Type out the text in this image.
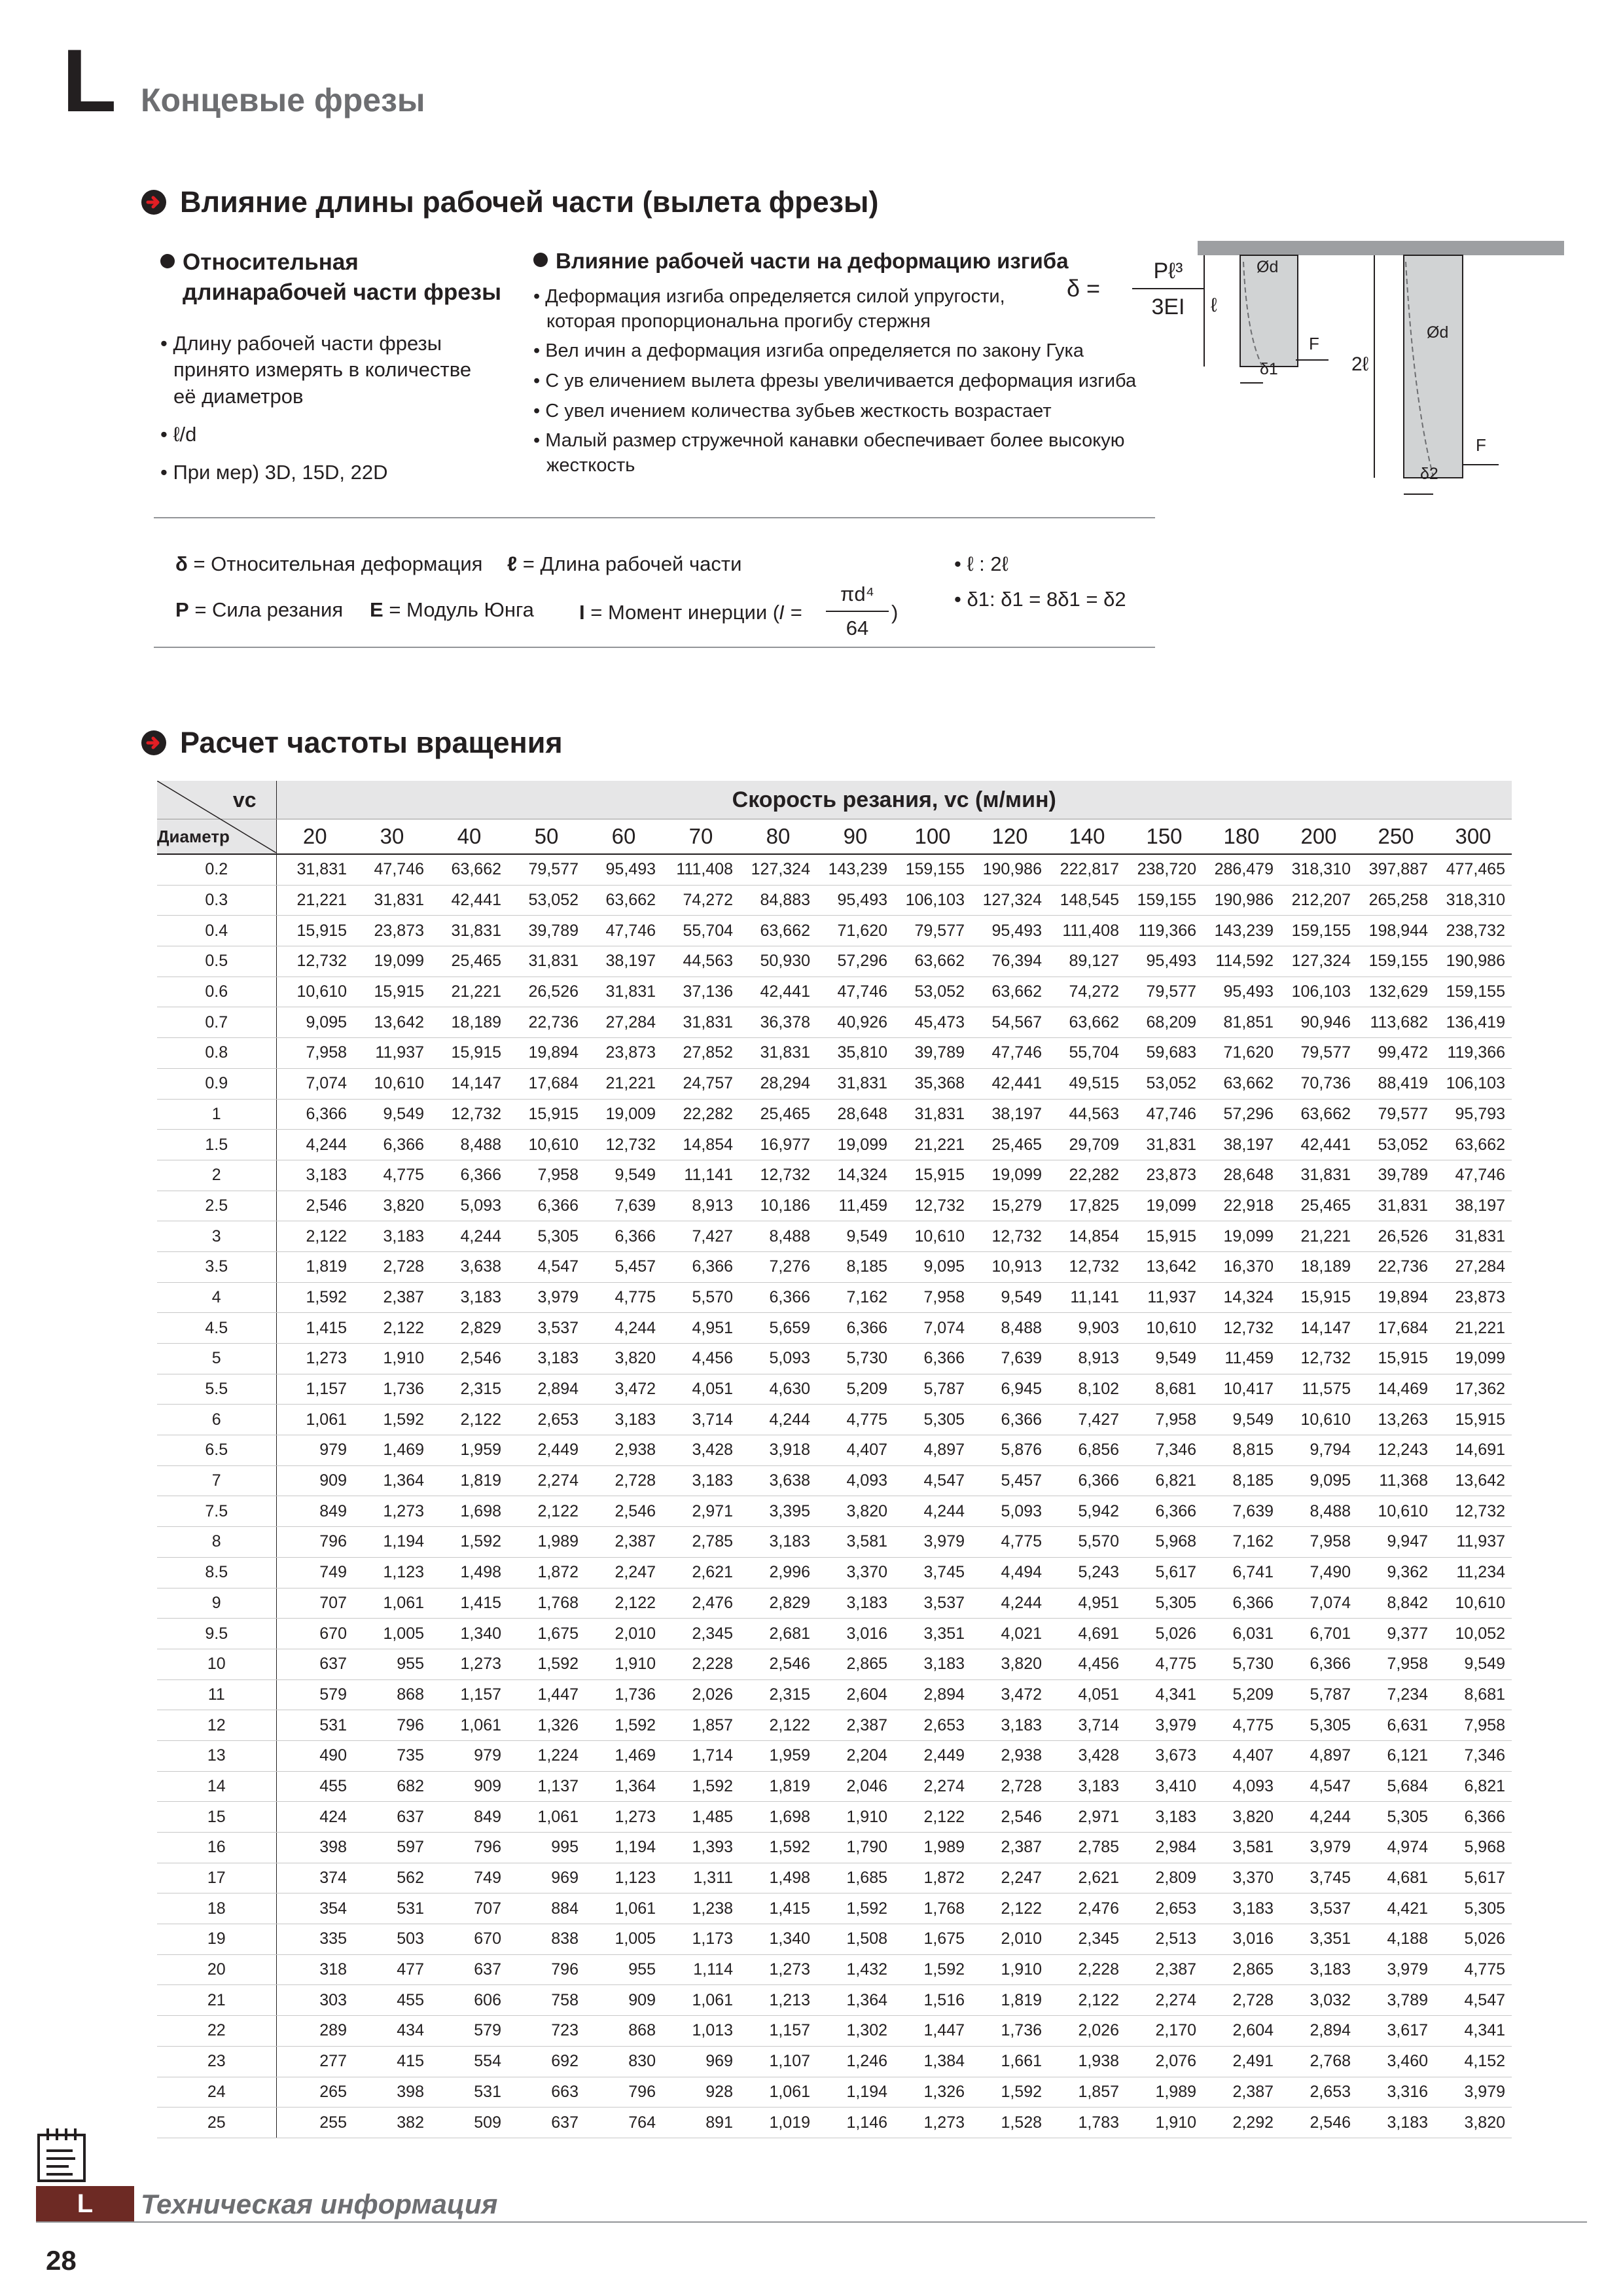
L Концевые фрезы
Влияние длины рабочей части (вылета фрезы)
Относительная
длинарабочей части фрезы
• Длину рабочей части фрезы
принято измерять в количестве
её диаметров
• ℓ/d
• При мер) 3D, 15D, 22D
Влияние рабочей части на деформацию изгиба
• Деформация изгиба определяется силой упругости,
которая пропорциональна прогибу стержня
• Вел ичин а деформация изгиба определяется по закону Гука
• С ув еличением вылета фрезы увеличивается деформация изгиба
• С увел ичением количества зубьев жесткость возрастает
• Малый размер стружечной канавки обеспечивает более высокую
жесткость
δ =
Pℓ³
3EI
Ød
ℓ
F
δ1
Ød
2ℓ
F
δ2
δ = Относительная деформация ℓ = Длина рабочей части
P = Сила резания E = Модуль Юнга I = Момент инерции (
I =
πd⁴
64
)
• ℓ : 2ℓ
• δ1: δ1 = 8δ1 = δ2
Расчет частоты вращения
vc	Скорость резания, vc (м/мин)															
Диаметр	20	30	40	50	60	70	80	90	100	120	140	150	180	200	250	300
0.2	31,831	47,746	63,662	79,577	95,493	111,408	127,324	143,239	159,155	190,986	222,817	238,720	286,479	318,310	397,887	477,465
0.3	21,221	31,831	42,441	53,052	63,662	74,272	84,883	95,493	106,103	127,324	148,545	159,155	190,986	212,207	265,258	318,310
0.4	15,915	23,873	31,831	39,789	47,746	55,704	63,662	71,620	79,577	95,493	111,408	119,366	143,239	159,155	198,944	238,732
0.5	12,732	19,099	25,465	31,831	38,197	44,563	50,930	57,296	63,662	76,394	89,127	95,493	114,592	127,324	159,155	190,986
0.6	10,610	15,915	21,221	26,526	31,831	37,136	42,441	47,746	53,052	63,662	74,272	79,577	95,493	106,103	132,629	159,155
0.7	9,095	13,642	18,189	22,736	27,284	31,831	36,378	40,926	45,473	54,567	63,662	68,209	81,851	90,946	113,682	136,419
0.8	7,958	11,937	15,915	19,894	23,873	27,852	31,831	35,810	39,789	47,746	55,704	59,683	71,620	79,577	99,472	119,366
0.9	7,074	10,610	14,147	17,684	21,221	24,757	28,294	31,831	35,368	42,441	49,515	53,052	63,662	70,736	88,419	106,103
1	6,366	9,549	12,732	15,915	19,009	22,282	25,465	28,648	31,831	38,197	44,563	47,746	57,296	63,662	79,577	95,793
1.5	4,244	6,366	8,488	10,610	12,732	14,854	16,977	19,099	21,221	25,465	29,709	31,831	38,197	42,441	53,052	63,662
2	3,183	4,775	6,366	7,958	9,549	11,141	12,732	14,324	15,915	19,099	22,282	23,873	28,648	31,831	39,789	47,746
2.5	2,546	3,820	5,093	6,366	7,639	8,913	10,186	11,459	12,732	15,279	17,825	19,099	22,918	25,465	31,831	38,197
3	2,122	3,183	4,244	5,305	6,366	7,427	8,488	9,549	10,610	12,732	14,854	15,915	19,099	21,221	26,526	31,831
3.5	1,819	2,728	3,638	4,547	5,457	6,366	7,276	8,185	9,095	10,913	12,732	13,642	16,370	18,189	22,736	27,284
4	1,592	2,387	3,183	3,979	4,775	5,570	6,366	7,162	7,958	9,549	11,141	11,937	14,324	15,915	19,894	23,873
4.5	1,415	2,122	2,829	3,537	4,244	4,951	5,659	6,366	7,074	8,488	9,903	10,610	12,732	14,147	17,684	21,221
5	1,273	1,910	2,546	3,183	3,820	4,456	5,093	5,730	6,366	7,639	8,913	9,549	11,459	12,732	15,915	19,099
5.5	1,157	1,736	2,315	2,894	3,472	4,051	4,630	5,209	5,787	6,945	8,102	8,681	10,417	11,575	14,469	17,362
6	1,061	1,592	2,122	2,653	3,183	3,714	4,244	4,775	5,305	6,366	7,427	7,958	9,549	10,610	13,263	15,915
6.5	979	1,469	1,959	2,449	2,938	3,428	3,918	4,407	4,897	5,876	6,856	7,346	8,815	9,794	12,243	14,691
7	909	1,364	1,819	2,274	2,728	3,183	3,638	4,093	4,547	5,457	6,366	6,821	8,185	9,095	11,368	13,642
7.5	849	1,273	1,698	2,122	2,546	2,971	3,395	3,820	4,244	5,093	5,942	6,366	7,639	8,488	10,610	12,732
8	796	1,194	1,592	1,989	2,387	2,785	3,183	3,581	3,979	4,775	5,570	5,968	7,162	7,958	9,947	11,937
8.5	749	1,123	1,498	1,872	2,247	2,621	2,996	3,370	3,745	4,494	5,243	5,617	6,741	7,490	9,362	11,234
9	707	1,061	1,415	1,768	2,122	2,476	2,829	3,183	3,537	4,244	4,951	5,305	6,366	7,074	8,842	10,610
9.5	670	1,005	1,340	1,675	2,010	2,345	2,681	3,016	3,351	4,021	4,691	5,026	6,031	6,701	9,377	10,052
10	637	955	1,273	1,592	1,910	2,228	2,546	2,865	3,183	3,820	4,456	4,775	5,730	6,366	7,958	9,549
11	579	868	1,157	1,447	1,736	2,026	2,315	2,604	2,894	3,472	4,051	4,341	5,209	5,787	7,234	8,681
12	531	796	1,061	1,326	1,592	1,857	2,122	2,387	2,653	3,183	3,714	3,979	4,775	5,305	6,631	7,958
13	490	735	979	1,224	1,469	1,714	1,959	2,204	2,449	2,938	3,428	3,673	4,407	4,897	6,121	7,346
14	455	682	909	1,137	1,364	1,592	1,819	2,046	2,274	2,728	3,183	3,410	4,093	4,547	5,684	6,821
15	424	637	849	1,061	1,273	1,485	1,698	1,910	2,122	2,546	2,971	3,183	3,820	4,244	5,305	6,366
16	398	597	796	995	1,194	1,393	1,592	1,790	1,989	2,387	2,785	2,984	3,581	3,979	4,974	5,968
17	374	562	749	969	1,123	1,311	1,498	1,685	1,872	2,247	2,621	2,809	3,370	3,745	4,681	5,617
18	354	531	707	884	1,061	1,238	1,415	1,592	1,768	2,122	2,476	2,653	3,183	3,537	4,421	5,305
19	335	503	670	838	1,005	1,173	1,340	1,508	1,675	2,010	2,345	2,513	3,016	3,351	4,188	5,026
20	318	477	637	796	955	1,114	1,273	1,432	1,592	1,910	2,228	2,387	2,865	3,183	3,979	4,775
21	303	455	606	758	909	1,061	1,213	1,364	1,516	1,819	2,122	2,274	2,728	3,032	3,789	4,547
22	289	434	579	723	868	1,013	1,157	1,302	1,447	1,736	2,026	2,170	2,604	2,894	3,617	4,341
23	277	415	554	692	830	969	1,107	1,246	1,384	1,661	1,938	2,076	2,491	2,768	3,460	4,152
24	265	398	531	663	796	928	1,061	1,194	1,326	1,592	1,857	1,989	2,387	2,653	3,316	3,979
25	255	382	509	637	764	891	1,019	1,146	1,273	1,528	1,783	1,910	2,292	2,546	3,183	3,820
L	Техническая информация
28
